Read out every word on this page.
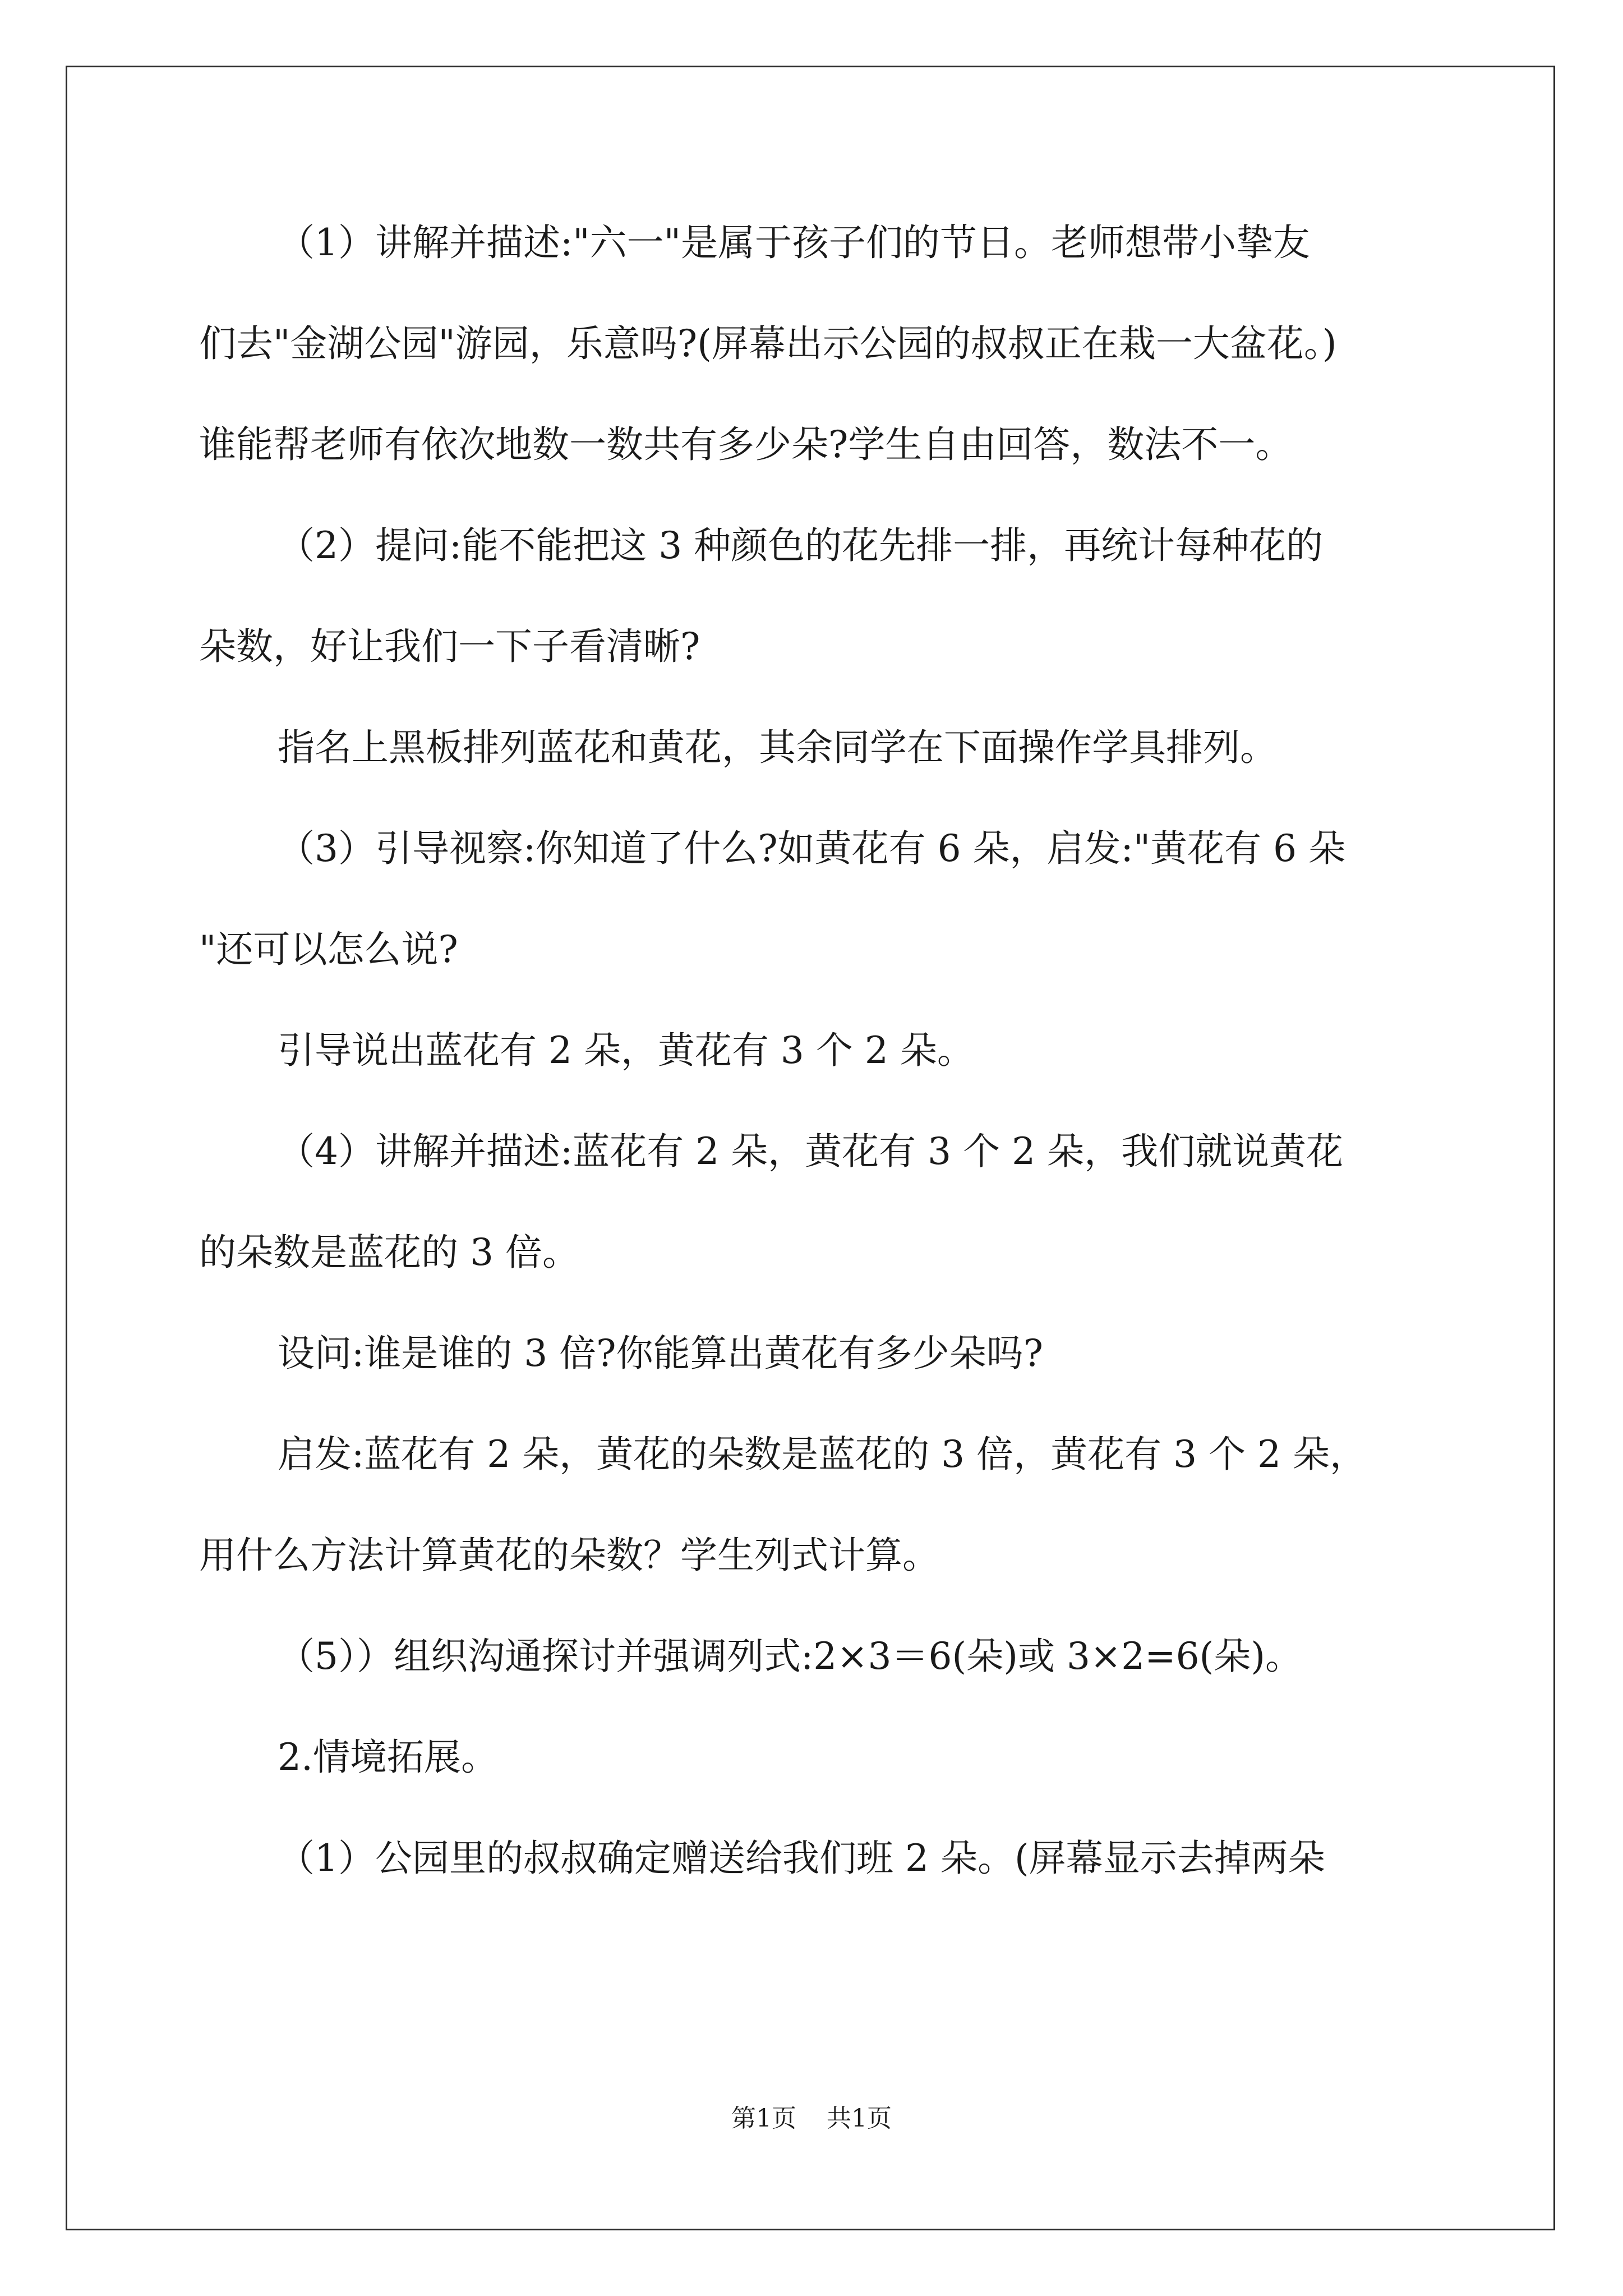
（1）讲解并描述:"六一"是属于孩子们的节日。老师想带小挚友

们去"金湖公园"游园，乐意吗?(屏幕出示公园的叔叔正在栽一大盆花。)

谁能帮老师有依次地数一数共有多少朵?学生自由回答，数法不一。

（2）提问:能不能把这 3 种颜色的花先排一排，再统计每种花的

朵数，好让我们一下子看清晰?

指名上黑板排列蓝花和黄花，其余同学在下面操作学具排列。

（3）引导视察:你知道了什么?如黄花有 6 朵，启发:"黄花有 6 朵

"还可以怎么说?

引导说出蓝花有 2 朵，黄花有 3 个 2 朵。

（4）讲解并描述:蓝花有 2 朵，黄花有 3 个 2 朵，我们就说黄花

的朵数是蓝花的 3 倍。

设问:谁是谁的 3 倍?你能算出黄花有多少朵吗?

启发:蓝花有 2 朵，黄花的朵数是蓝花的 3 倍，黄花有 3 个 2 朵，

用什么方法计算黄花的朵数？学生列式计算。

（5））组织沟通探讨并强调列式:2×3＝6(朵)或 3×2=6(朵)。

2.情境拓展。

（1）公园里的叔叔确定赠送给我们班 2 朵。(屏幕显示去掉两朵

第1页 共1页
